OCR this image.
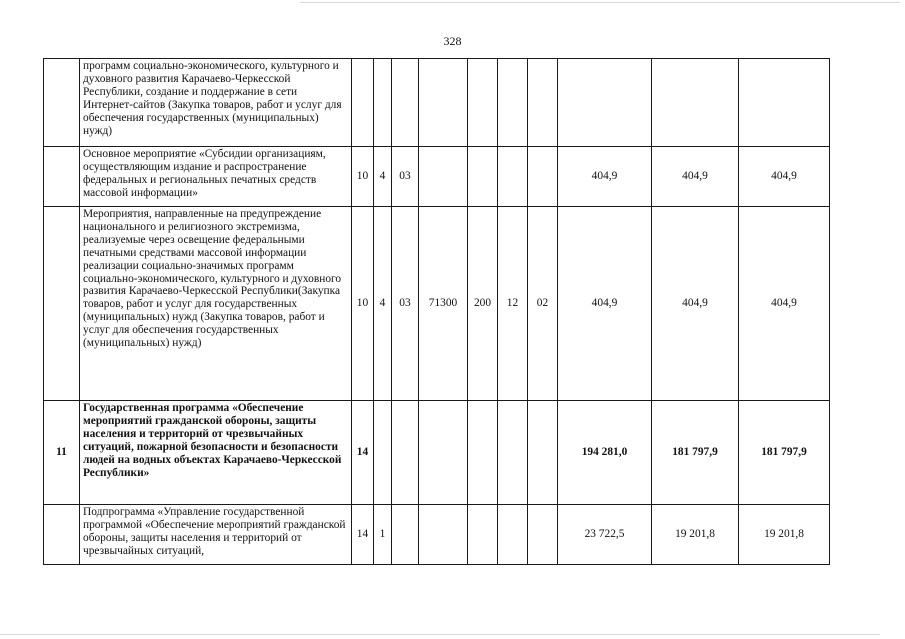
328
	программ социально-экономического, культурного и духовного развития Карачаево-Черкесской Республики, создание и поддержание в сети Интернет-сайтов (Закупка товаров, работ и услуг для обеспечения государственных (муниципальных) нужд)										
	Основное мероприятие «Субсидии организациям, осуществляющим издание и распространение федеральных и региональных печатных средств массовой информации»	10	4	03					404,9	404,9	404,9
	Мероприятия, направленные на предупреждение национального и религиозного экстремизма, реализуемые через освещение федеральными печатными средствами массовой информации реализации социально-значимых программ социально-экономического, культурного и духовного развития Карачаево-Черкесской Республики(Закупка товаров, работ и услуг для государственных (муниципальных) нужд (Закупка товаров, работ и услуг для обеспечения государственных (муниципальных) нужд)	10	4	03	71300	200	12	02	404,9	404,9	404,9
11	Государственная программа «Обеспечение мероприятий гражданской обороны, защиты населения и территорий от чрезвычайных ситуаций, пожарной безопасности и безопасности людей на водных объектах Карачаево-Черкесской Республики»	14							194 281,0	181 797,9	181 797,9
	Подпрограмма «Управление государственной программой «Обеспечение мероприятий гражданской обороны, защиты населения и территорий от чрезвычайных ситуаций,	14	1						23 722,5	19 201,8	19 201,8
